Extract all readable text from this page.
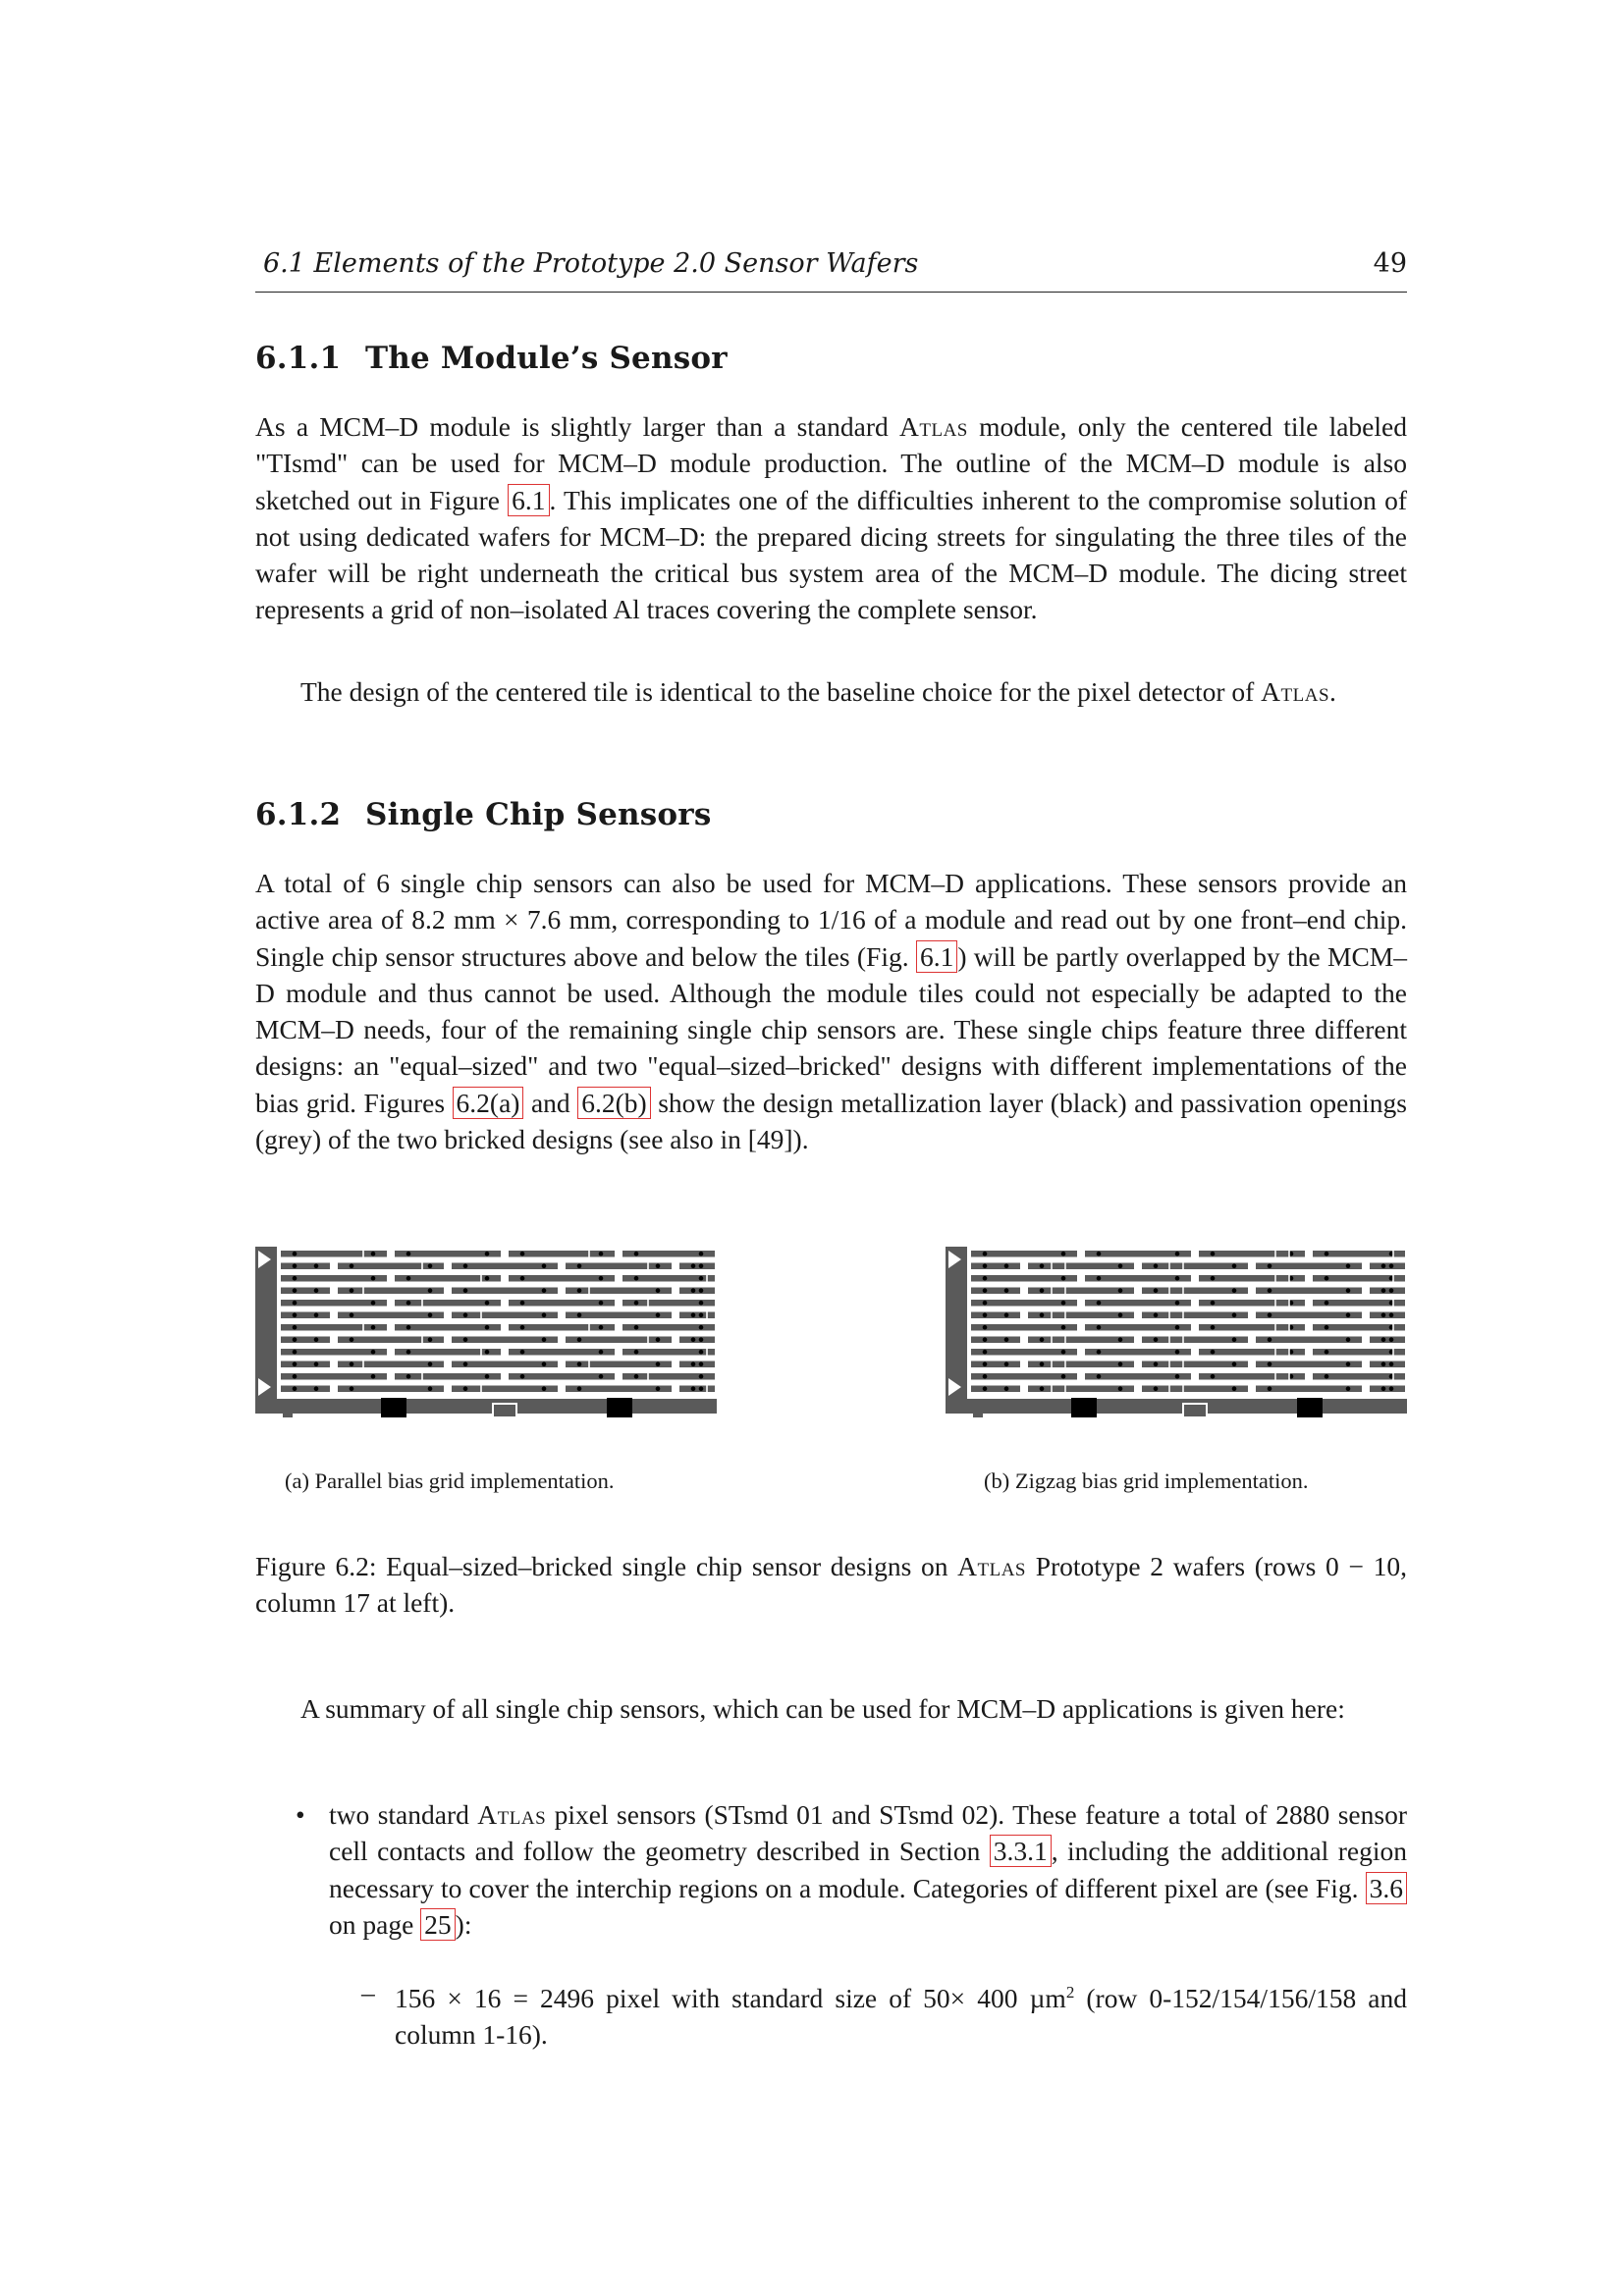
6.1 Elements of the Prototype 2.0 Sensor Wafers	49
6.1.1 The Module’s Sensor

As a MCM–D module is slightly larger than a standard Atlas module, only the centered tile labeled "TIsmd" can be used for MCM–D module production. The outline of the MCM–D module is also sketched out in Figure 6.1 . This implicates one of the difficulties inherent to the compromise solution of not using dedicated wafers for MCM–D: the prepared dicing streets for singulating the three tiles of the wafer will be right underneath the critical bus system area of the MCM–D module. The dicing street represents a grid of non–isolated Al traces covering the complete sensor.

The design of the centered tile is identical to the baseline choice for the pixel detector of Atlas.

6.1.2 Single Chip Sensors

A total of 6 single chip sensors can also be used for MCM–D applications. These sensors provide an active area of 8.2 mm × 7.6 mm, corresponding to 1/16 of a module and read out by one front–end chip. Single chip sensor structures above and below the tiles (Fig. 6.1 ) will be partly overlapped by the MCM–D module and thus cannot be used. Although the module tiles could not especially be adapted to the MCM–D needs, four of the remaining single chip sensors are. These single chips feature three different designs: an "equal–sized" and two "equal–sized–bricked" designs with different implementations of the bias grid. Figures 6.2(a) and 6.2(b) show the design metallization layer (black) and passivation openings (grey) of the two bricked designs (see also in [49]).

(a) Parallel bias grid implementation.	(b) Zigzag bias grid implementation.
Figure 6.2: Equal–sized–bricked single chip sensor designs on Atlas Prototype 2 wafers (rows 0 − 10, column 17 at left).

A summary of all single chip sensors, which can be used for MCM–D applications is given here:

• two standard Atlas pixel sensors (STsmd 01 and STsmd 02). These feature a total of 2880 sensor cell contacts and follow the geometry described in Section 3.3.1 , including the additional region necessary to cover the interchip regions on a module. Categories of different pixel are (see Fig. 3.6 on page 25 ):

– 156 × 16 = 2496 pixel with standard size of 50× 400 µm$^2$ (row 0-152/154/156/158 and column 1-16).
